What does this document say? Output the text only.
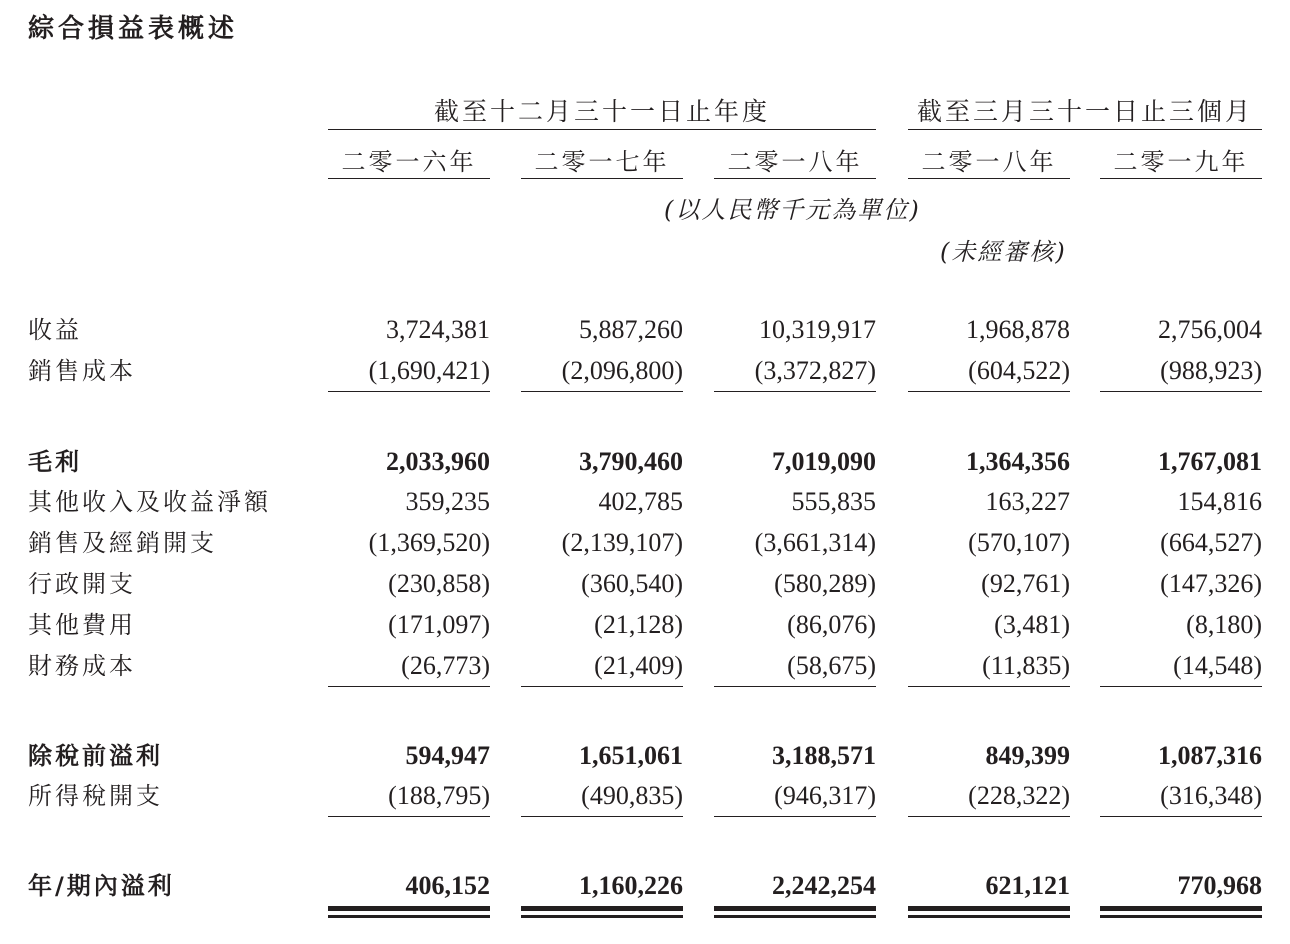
綜合損益表概述
截至十二月三十一日止年度	截至三月三十一日止三個月
二零一六年	二零一七年	二零一八年	二零一八年	二零一九年
(以人民幣千元為單位)
(未經審核)
收益	3,724,381	5,887,260	10,319,917	1,968,878	2,756,004
銷售成本	(1,690,421)	(2,096,800)	(3,372,827)	(604,522)	(988,923)
毛利	2,033,960	3,790,460	7,019,090	1,364,356	1,767,081
其他收入及收益淨額	359,235	402,785	555,835	163,227	154,816
銷售及經銷開支	(1,369,520)	(2,139,107)	(3,661,314)	(570,107)	(664,527)
行政開支	(230,858)	(360,540)	(580,289)	(92,761)	(147,326)
其他費用	(171,097)	(21,128)	(86,076)	(3,481)	(8,180)
財務成本	(26,773)	(21,409)	(58,675)	(11,835)	(14,548)
除稅前溢利	594,947	1,651,061	3,188,571	849,399	1,087,316
所得稅開支	(188,795)	(490,835)	(946,317)	(228,322)	(316,348)
年/期內溢利	406,152	1,160,226	2,242,254	621,121	770,968
